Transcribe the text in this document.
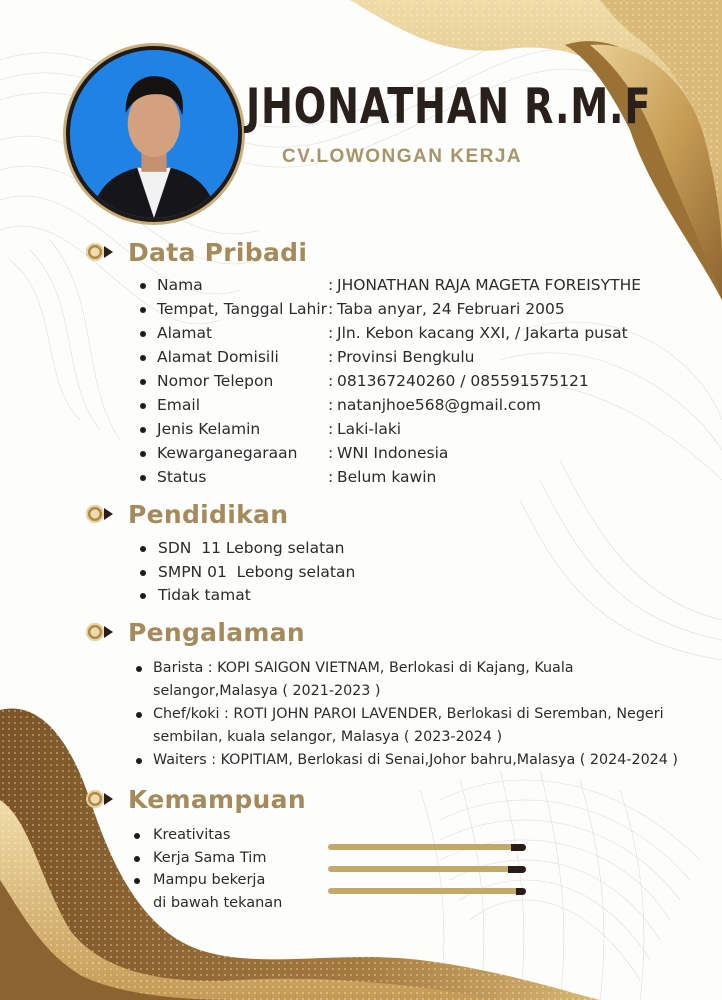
JHONATHAN R.M.F
CV.LOWONGAN KERJA
Data Pribadi
Nama	: JHONATHAN RAJA MAGETA FOREISYTHE
Tempat, Tanggal Lahir : Taba anyar, 24 Februari 2005
Alamat	: Jln. Kebon kacang XXI, / Jakarta pusat
Alamat Domisili	: Provinsi Bengkulu
Nomor Telepon	: 081367240260 / 085591575121
Email	: natanjhoe568@gmail.com
Jenis Kelamin	: Laki-laki
Kewarganegaraan : WNI Indonesia
Status	: Belum kawin
Pendidikan
SDN  11 Lebong selatan
SMPN 01  Lebong selatan
Tidak tamat
Pengalaman
Barista : KOPI SAIGON VIETNAM, Berlokasi di Kajang, Kuala selangor,Malasya ( 2021-2023 )
Chef/koki : ROTI JOHN PAROI LAVENDER, Berlokasi di Seremban, Negeri sembilan, kuala selangor, Malasya ( 2023-2024 )
Waiters : KOPITIAM, Berlokasi di Senai,Johor bahru,Malasya ( 2024-2024 )
Kemampuan
Kreativitas
Kerja Sama Tim
Mampu bekerja di bawah tekanan
